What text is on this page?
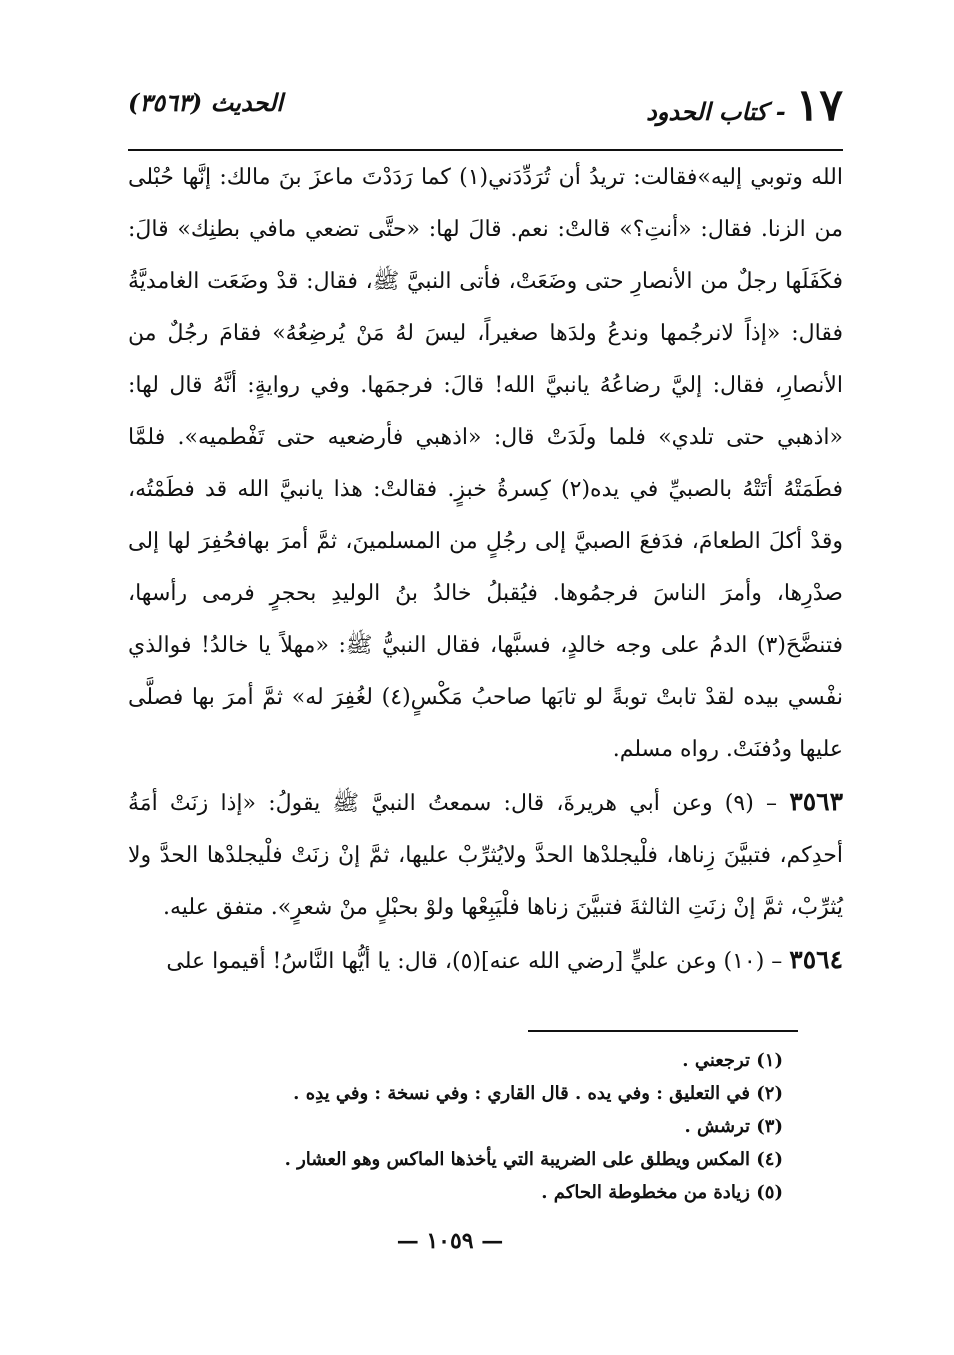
١٧
- كتاب الحدود
الحديث (٣٥٦٣)

الله وتوبي إليه»فقالت: تريدُ أن تُرَدِّدَني(١) كما رَدَدْتَ ماعزَ بنَ مالك: إنَّها حُبْلى من الزنا. فقال: «أنتِ؟» قالتْ: نعم. قالَ لها: «حتَّى تضعي مافي بطنِك» قالَ: فكَفَلَها رجلٌ من الأنصارِ حتى وضَعَتْ، فأتى النبيَّ ﷺ، فقال: قدْ وضَعَت الغامديَّةُ فقال: «إذاً لانرجُمها وندعُ ولدَها صغيراً، ليسَ لهُ مَنْ يُرضِعُهُ» فقامَ رجُلٌ من الأنصارِ، فقال: إليَّ رضاعُهُ يانبيَّ الله! قالَ: فرجمَها. وفي روايةٍ: أنَّهُ قال لها: «اذهبي حتى تلدي» فلما ولَدَتْ قال: «اذهبي فأرضعيه حتى تَفْطميه». فلمَّا فطَمَتْهُ أتَتْهُ بالصبيِّ في يده(٢) كِسرةُ خبزٍ. فقالتْ: هذا يانبيَّ الله قد فطَمْتُه، وقدْ أكلَ الطعامَ، فدَفعَ الصبيَّ إلى رجُلٍ من المسلمينَ، ثمَّ أمرَ بهافحُفِرَ لها إلى صدْرِها، وأمرَ الناسَ فرجمُوها. فيُقبلُ خالدُ بنُ الوليدِ بحجرٍ فرمى رأسها، فتنضَّحَ(٣) الدمُ على وجه خالدٍ، فسبَّها، فقال النبيُّ ﷺ: «مهلاً يا خالدُ! فوالذي نفْسي بيده لقدْ تابتْ توبةً لو تابَها صاحبُ مَكْسٍ(٤) لغُفِرَ له» ثمَّ أمرَ بها فصلَّى عليها ودُفنَتْ. رواه مسلم.

٣٥٦٣ – (٩) وعن أبي هريرةَ، قال: سمعتُ النبيَّ ﷺ يقولُ: «إذا زنَتْ أمَةُ أحدِكم، فتبيَّنَ زِناها، فلْيجلدْها الحدَّ ولايُثرِّبْ عليها، ثمَّ إنْ زنَتْ فلْيجلدْها الحدَّ ولا يُثرِّبْ، ثمَّ إنْ زنَتِ الثالثةَ فتبيَّنَ زناها فلْيَبِعْها ولوْ بحبْلٍ منْ شعرٍ». متفق عليه.

٣٥٦٤ – (١٠) وعن عليٍّ [رضي الله عنه](٥)، قال: يا أيُّها النَّاسُ! أقيموا على

(١) ترجعني .
(٢) في التعليق : وفي يده . قال القاري : وفي نسخة : وفي يدِه .
(٣) ترشش .
(٤) المكس ويطلق على الضريبة التي يأخذها الماكس وهو العشار .
(٥) زيادة من مخطوطة الحاكم .
— ١٠٥٩ —
